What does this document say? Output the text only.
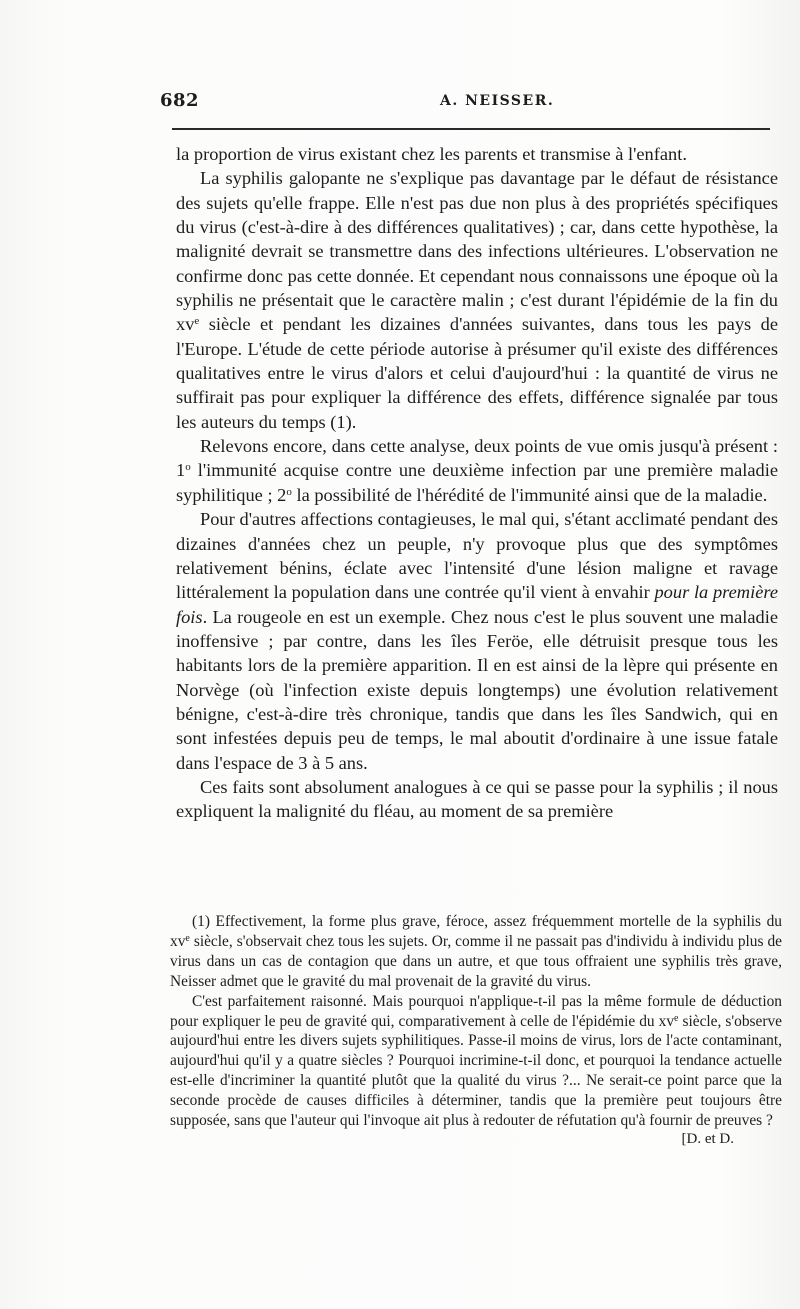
682	A. NEISSER.

la proportion de virus existant chez les parents et transmise à l'enfant.

La syphilis galopante ne s'explique pas davantage par le défaut de résistance des sujets qu'elle frappe. Elle n'est pas due non plus à des propriétés spécifiques du virus (c'est-à-dire à des différences qualitatives) ; car, dans cette hypothèse, la malignité devrait se transmettre dans des infections ultérieures. L'observation ne confirme donc pas cette donnée. Et cependant nous connaissons une époque où la syphilis ne présentait que le caractère malin ; c'est durant l'épidémie de la fin du $xv^e$ siècle et pendant les dizaines d'années suivantes, dans tous les pays de l'Europe. L'étude de cette période autorise à présumer qu'il existe des différences qualitatives entre le virus d'alors et celui d'aujourd'hui : la quantité de virus ne suffirait pas pour expliquer la différence des effets, différence signalée par tous les auteurs du temps (1).

Relevons encore, dans cette analyse, deux points de vue omis jusqu'à présent : 1$^o$ l'immunité acquise contre une deuxième infection par une première maladie syphilitique ; 2$^o$ la possibilité de l'hérédité de l'immunité ainsi que de la maladie.

Pour d'autres affections contagieuses, le mal qui, s'étant acclimaté pendant des dizaines d'années chez un peuple, n'y provoque plus que des symptômes relativement bénins, éclate avec l'intensité d'une lésion maligne et ravage littéralement la population dans une contrée qu'il vient à envahir pour la première fois. La rougeole en est un exemple. Chez nous c'est le plus souvent une maladie inoffensive ; par contre, dans les îles Feröe, elle détruisit presque tous les habitants lors de la première apparition. Il en est ainsi de la lèpre qui présente en Norvège (où l'infection existe depuis longtemps) une évolution relativement bénigne, c'est-à-dire très chronique, tandis que dans les îles Sandwich, qui en sont infestées depuis peu de temps, le mal aboutit d'ordinaire à une issue fatale dans l'espace de 3 à 5 ans.

Ces faits sont absolument analogues à ce qui se passe pour la syphilis ; il nous expliquent la malignité du fléau, au moment de sa première

(1) Effectivement, la forme plus grave, féroce, assez fréquemment mortelle de la syphilis du $xv^e$ siècle, s'observait chez tous les sujets. Or, comme il ne passait pas d'individu à individu plus de virus dans un cas de contagion que dans un autre, et que tous offraient une syphilis très grave, Neisser admet que le gravité du mal provenait de la gravité du virus.

C'est parfaitement raisonné. Mais pourquoi n'applique-t-il pas la même formule de déduction pour expliquer le peu de gravité qui, comparativement à celle de l'épidémie du $xv^e$ siècle, s'observe aujourd'hui entre les divers sujets syphilitiques. Passe-il moins de virus, lors de l'acte contaminant, aujourd'hui qu'il y a quatre siècles ? Pourquoi incrimine-t-il donc, et pourquoi la tendance actuelle est-elle d'incriminer la quantité plutôt que la qualité du virus ?... Ne serait-ce point parce que la seconde procède de causes difficiles à déterminer, tandis que la première peut toujours être supposée, sans que l'auteur qui l'invoque ait plus à redouter de réfutation qu'à fournir de preuves ?

[D. et D.
